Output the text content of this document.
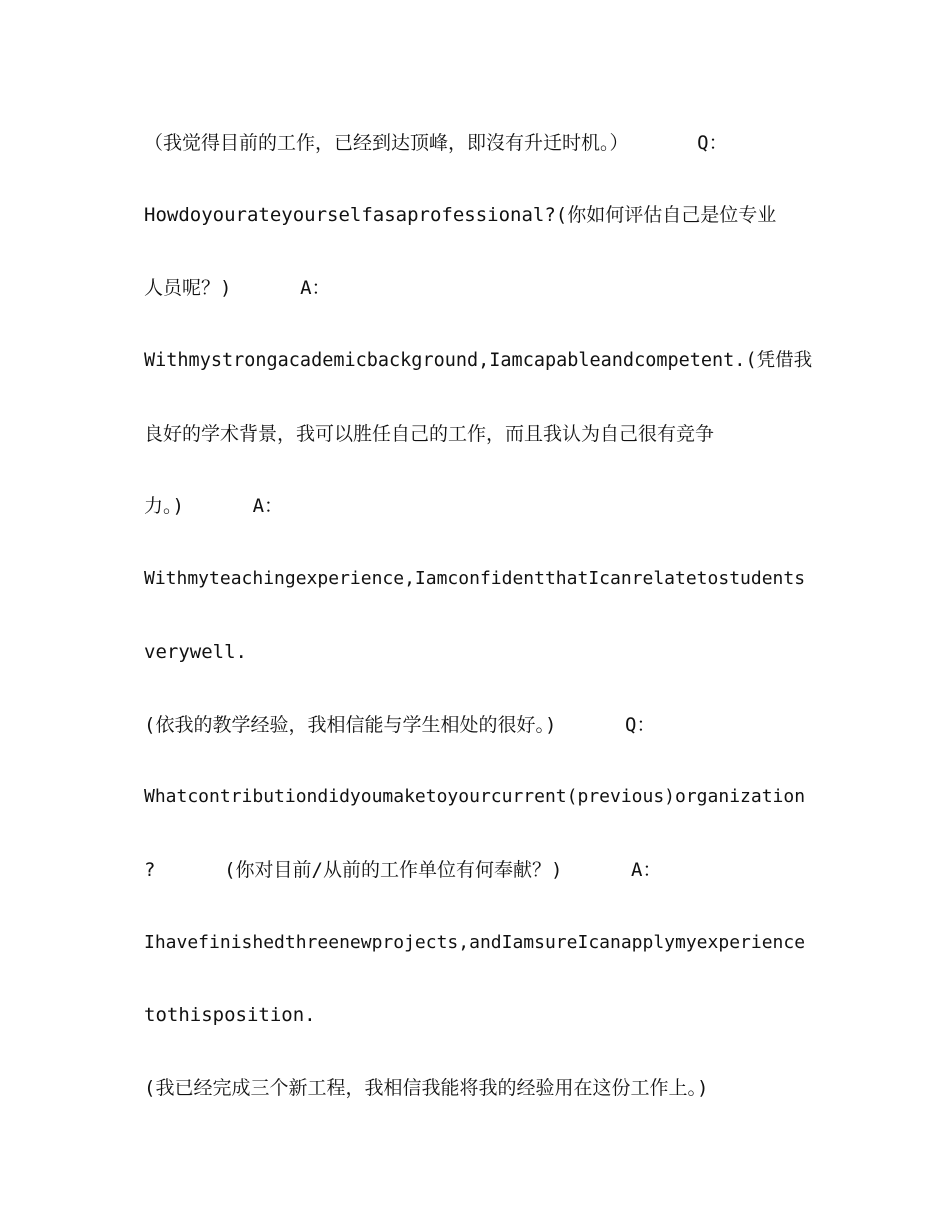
（我觉得目前的工作，已经到达顶峰，即沒有升迁时机。）      Q：
Howdoyourateyourselfasaprofessional?(你如何评估自己是位专业
人员呢？)      A：
Withmystrongacademicbackground,Iamcapableandcompetent.(凭借我
良好的学术背景，我可以胜任自己的工作，而且我认为自己很有竞争
力。)      A：
Withmyteachingexperience,IamconfidentthatIcanrelatetostudents
verywell.
(依我的教学经验，我相信能与学生相处的很好。)      Q：
Whatcontributiondidyoumaketoyourcurrent(previous)organization
?      (你对目前/从前的工作单位有何奉献？)      A：
Ihavefinishedthreenewprojects,andIamsureIcanapplymyexperience
tothisposition.
(我已经完成三个新工程，我相信我能将我的经验用在这份工作上。)
